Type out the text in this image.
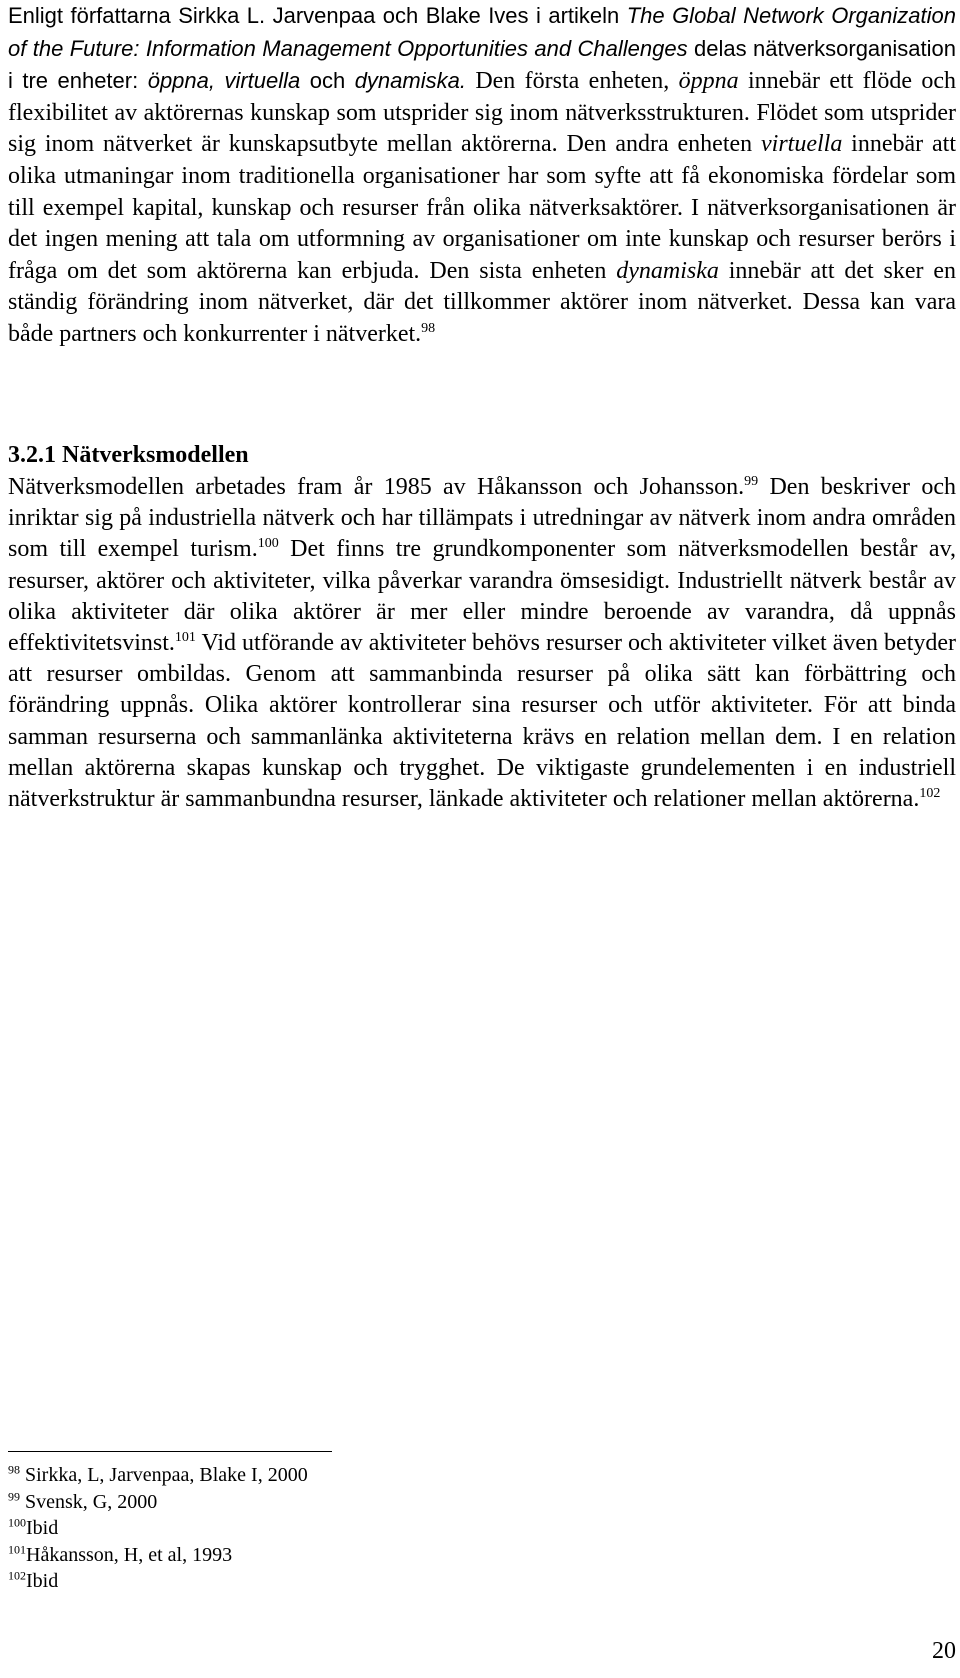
Enligt författarna Sirkka L. Jarvenpaa och Blake Ives i artikeln The Global Network Organization of the Future: Information Management Opportunities and Challenges delas nätverksorganisation i tre enheter: öppna, virtuella och dynamiska. Den första enheten, öppna innebär ett flöde och flexibilitet av aktörernas kunskap som utsprider sig inom nätverksstrukturen. Flödet som utsprider sig inom nätverket är kunskapsutbyte mellan aktörerna. Den andra enheten virtuella innebär att olika utmaningar inom traditionella organisationer har som syfte att få ekonomiska fördelar som till exempel kapital, kunskap och resurser från olika nätverksaktörer. I nätverksorganisationen är det ingen mening att tala om utformning av organisationer om inte kunskap och resurser berörs i fråga om det som aktörerna kan erbjuda. Den sista enheten dynamiska innebär att det sker en ständig förändring inom nätverket, där det tillkommer aktörer inom nätverket. Dessa kan vara både partners och konkurrenter i nätverket.$^{98}$

3.2.1 Nätverksmodellen

Nätverksmodellen arbetades fram år 1985 av Håkansson och Johansson.$^{99}$ Den beskriver och inriktar sig på industriella nätverk och har tillämpats i utredningar av nätverk inom andra områden som till exempel turism.$^{100}$ Det finns tre grundkomponenter som nätverksmodellen består av, resurser, aktörer och aktiviteter, vilka påverkar varandra ömsesidigt. Industriellt nätverk består av olika aktiviteter där olika aktörer är mer eller mindre beroende av varandra, då uppnås effektivitetsvinst.$^{101}$ Vid utförande av aktiviteter behövs resurser och aktiviteter vilket även betyder att resurser ombildas. Genom att sammanbinda resurser på olika sätt kan förbättring och förändring uppnås. Olika aktörer kontrollerar sina resurser och utför aktiviteter. För att binda samman resurserna och sammanlänka aktiviteterna krävs en relation mellan dem. I en relation mellan aktörerna skapas kunskap och trygghet. De viktigaste grundelementen i en industriell nätverkstruktur är sammanbundna resurser, länkade aktiviteter och relationer mellan aktörerna.$^{102}$

$^{98}$ Sirkka, L, Jarvenpaa, Blake I, 2000
$^{99}$ Svensk, G, 2000
$^{100}$Ibid
$^{101}$Håkansson, H, et al, 1993
$^{102}$Ibid
20
